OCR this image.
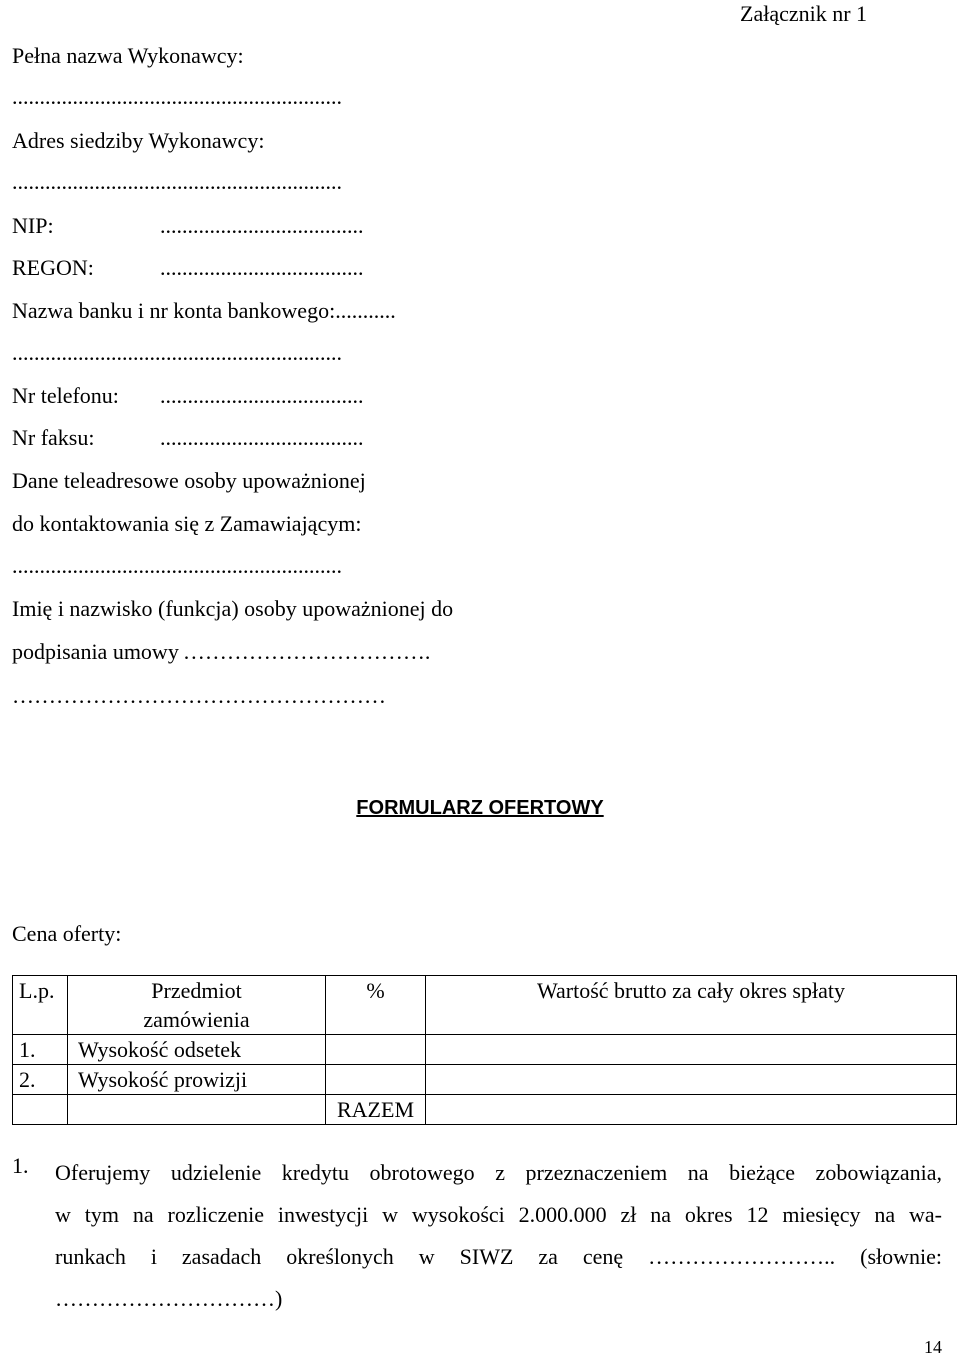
Załącznik nr 1
Pełna nazwa Wykonawcy:
............................................................
Adres siedziby Wykonawcy:
............................................................
NIP:	.....................................
REGON:	.....................................
Nazwa banku i nr konta bankowego:...........
............................................................
Nr telefonu: .....................................
Nr faksu:	.....................................
Dane teleadresowe osoby upoważnionej
do kontaktowania się z Zamawiającym:
............................................................
Imię i nazwisko (funkcja) osoby upoważnionej do
podpisania umowy …………………………….
……………………………………………
FORMULARZ OFERTOWY
Cena oferty:
L.p.	Przedmiot zamówienia	%	Wartość brutto za cały okres spłaty
1.	Wysokość odsetek		
2.	Wysokość prowizji		
		RAZEM	
1. Oferujemy udzielenie kredytu obrotowego z przeznaczeniem na bieżące zobowiązania,
w tym na rozliczenie inwestycji w wysokości 2.000.000 zł na okres 12 miesięcy na wa-
runkach i zasadach określonych w SIWZ za cenę …………………….. (słownie:
…………………………)
14
